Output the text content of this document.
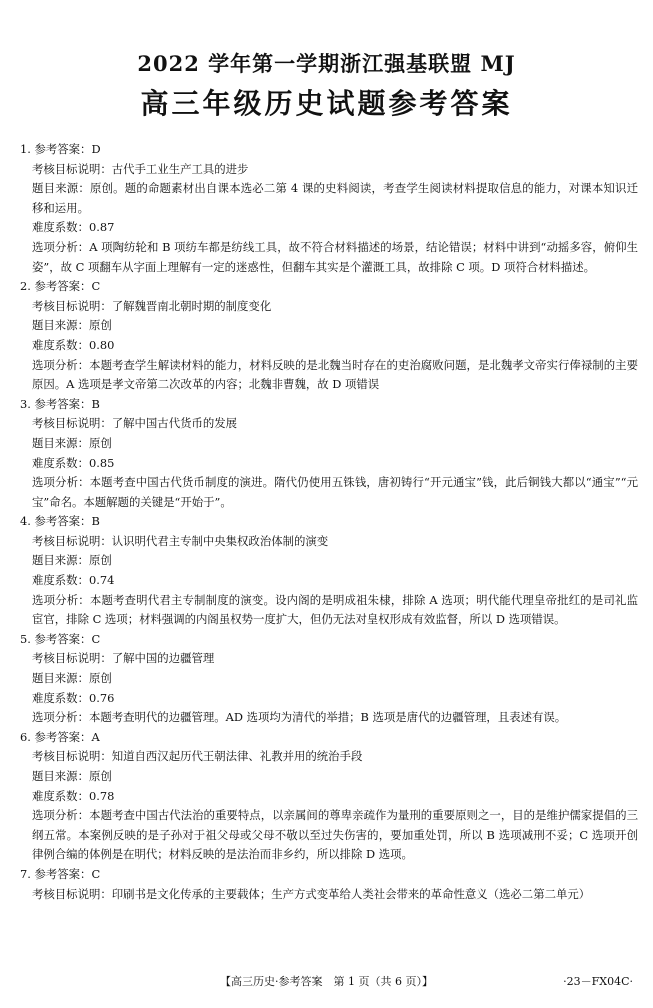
2022 学年第一学期浙江强基联盟 MJ
高三年级历史试题参考答案
1. 参考答案：D
考核目标说明：古代手工业生产工具的进步
题目来源：原创。题的命题素材出自课本选必二第 4 课的史料阅读，考查学生阅读材料提取信息的能力，对课本知识迁移和运用。
难度系数：0.87
选项分析：A 项陶纺轮和 B 项纺车都是纺线工具，故不符合材料描述的场景，结论错误；材料中讲到“动摇多容，俯仰生姿”，故 C 项翻车从字面上理解有一定的迷惑性，但翻车其实是个灌溉工具，故排除 C 项。D 项符合材料描述。
2. 参考答案：C
考核目标说明：了解魏晋南北朝时期的制度变化
题目来源：原创
难度系数：0.80
选项分析：本题考查学生解读材料的能力，材料反映的是北魏当时存在的吏治腐败问题，是北魏孝文帝实行俸禄制的主要原因。A 选项是孝文帝第二次改革的内容；北魏非曹魏，故 D 项错误
3. 参考答案：B
考核目标说明：了解中国古代货币的发展
题目来源：原创
难度系数：0.85
选项分析：本题考查中国古代货币制度的演进。隋代仍使用五铢钱，唐初铸行“开元通宝”钱，此后铜钱大都以“通宝”“元宝”命名。本题解题的关键是“开始于”。
4. 参考答案：B
考核目标说明：认识明代君主专制中央集权政治体制的演变
题目来源：原创
难度系数：0.74
选项分析：本题考查明代君主专制制度的演变。设内阁的是明成祖朱棣，排除 A 选项；明代能代理皇帝批红的是司礼监宦官，排除 C 选项；材料强调的内阁虽权势一度扩大，但仍无法对皇权形成有效监督，所以 D 选项错误。
5. 参考答案：C
考核目标说明：了解中国的边疆管理
题目来源：原创
难度系数：0.76
选项分析：本题考查明代的边疆管理。AD 选项均为清代的举措；B 选项是唐代的边疆管理，且表述有误。
6. 参考答案：A
考核目标说明：知道自西汉起历代王朝法律、礼教并用的统治手段
题目来源：原创
难度系数：0.78
选项分析：本题考查中国古代法治的重要特点，以亲属间的尊卑亲疏作为量刑的重要原则之一，目的是维护儒家提倡的三纲五常。本案例反映的是子孙对于祖父母或父母不敬以至过失伤害的，要加重处罚，所以 B 选项减刑不妥；C 选项开创律例合编的体例是在明代；材料反映的是法治而非乡约，所以排除 D 选项。
7. 参考答案：C
考核目标说明：印刷书是文化传承的主要载体；生产方式变革给人类社会带来的革命性意义（选必二第二单元）
【高三历史·参考答案　第 1 页（共 6 页）】	·23－FX04C·
